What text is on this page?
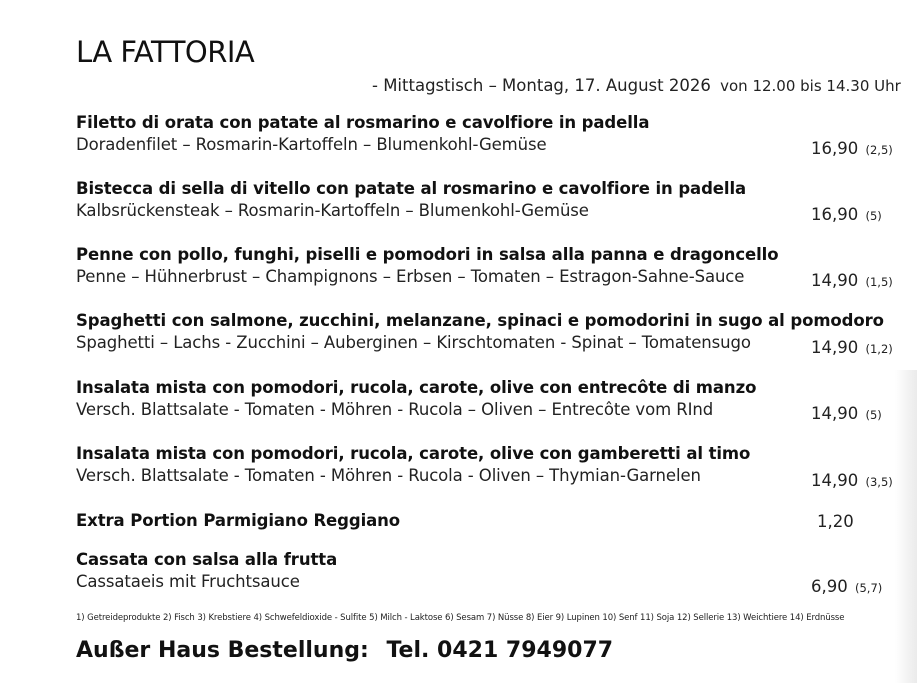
LA FATTORIA
- Mittagstisch – Montag, 17. August 2026 von 12.00 bis 14.30 Uhr
Filetto di orata con patate al rosmarino e cavolfiore in padella
Doradenfilet – Rosmarin-Kartoffeln – Blumenkohl-Gemüse	16,90 (2,5)
Bistecca di sella di vitello con patate al rosmarino e cavolfiore in padella
Kalbsrückensteak – Rosmarin-Kartoffeln – Blumenkohl-Gemüse	16,90 (5)
Penne con pollo, funghi, piselli e pomodori in salsa alla panna e dragoncello
Penne – Hühnerbrust – Champignons – Erbsen – Tomaten – Estragon-Sahne-Sauce	14,90 (1,5)
Spaghetti con salmone, zucchini, melanzane, spinaci e pomodorini in sugo al pomodoro
Spaghetti – Lachs - Zucchini – Auberginen – Kirschtomaten - Spinat – Tomatensugo	14,90 (1,2)
Insalata mista con pomodori, rucola, carote, olive con entrecôte di manzo
Versch. Blattsalate - Tomaten - Möhren - Rucola – Oliven – Entrecôte vom RInd	14,90 (5)
Insalata mista con pomodori, rucola, carote, olive con gamberetti al timo
Versch. Blattsalate - Tomaten - Möhren - Rucola - Oliven – Thymian-Garnelen	14,90 (3,5)
Extra Portion Parmigiano Reggiano	1,20
Cassata con salsa alla frutta
Cassataeis mit Fruchtsauce	6,90 (5,7)
1) Getreideprodukte 2) Fisch 3) Krebstiere 4) Schwefeldioxide - Sulfite 5) Milch - Laktose 6) Sesam 7) Nüsse 8) Eier 9) Lupinen 10) Senf 11) Soja 12) Sellerie 13) Weichtiere 14) Erdnüsse
Außer Haus Bestellung: Tel. 0421 7949077
